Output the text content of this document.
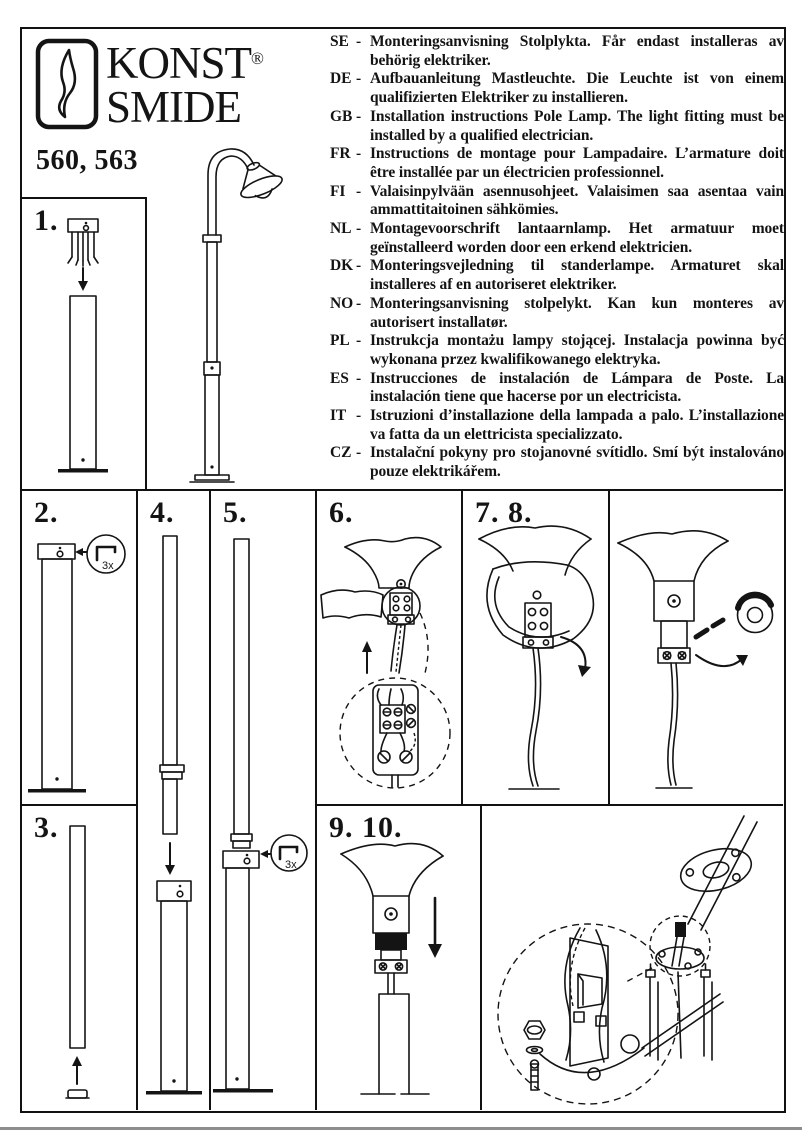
KONST®
SMIDE
560, 563
SE - Monteringsanvisning Stolplykta. Får endast installeras av behörig elektriker.
DE - Aufbauanleitung Mastleuchte. Die Leuchte ist von einem qualifizierten Elektriker zu installieren.
GB - Installation instructions Pole Lamp. The light fitting must be installed by a qualified electrician.
FR - Instructions de montage pour Lampadaire. L’armature doit être installée par un électricien professionnel.
FI - Valaisinpylvään asennusohjeet. Valaisimen saa asentaa vain ammattitaitoinen sähkömies.
NL - Montagevoorschrift lantaarnlamp. Het armatuur moet geïnstalleerd worden door een erkend elektricien.
DK - Monteringsvejledning til standerlampe. Armaturet skal installeres af en autoriseret elektriker.
NO - Monteringsanvisning stolpelykt. Kan kun monteres av autorisert installatør.
PL - Instrukcja montażu lampy stojącej. Instalacja powinna być wykonana przez kwalifikowanego elektryka.
ES - Instrucciones de instalación de Lámpara de Poste. La instalación tiene que hacerse por un electricista.
IT - Istruzioni d’installazione della lampada a palo. L’installazione va fatta da un elettricista specializzato.
CZ - Instalační pokyny pro stojanovné svítidlo. Smí být instalováno pouze elektrikářem.
1.
2.
3x
3.
4. 5.
3x
6.	7. 8.
9. 10.
